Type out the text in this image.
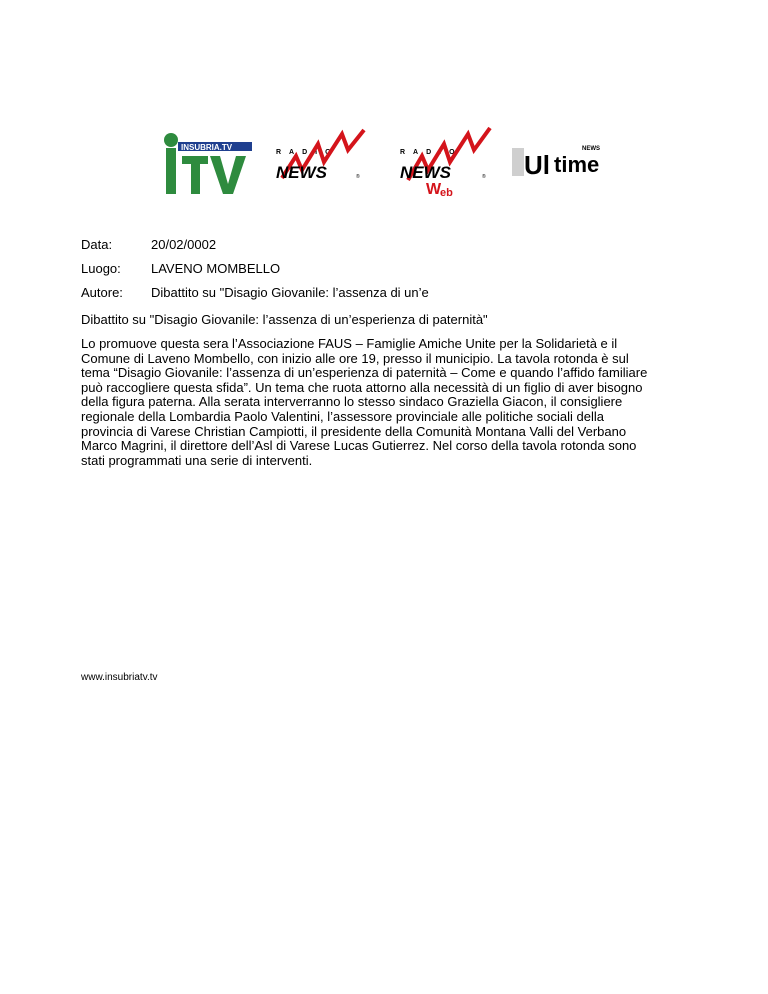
INSUBRIA.TV
RADIO
NEWS	®
RADIO
NEWS	®
eb
W
Ul time
NEWS
Data:	20/02/0002
Luogo: LAVENO MOMBELLO
Autore: Dibattito su "Disagio Giovanile: l’assenza di un’e
Dibattito su "Disagio Giovanile: l’assenza di un’esperienza di paternità"
Lo promuove questa sera l’Associazione FAUS – Famiglie Amiche Unite per la Solidarietà e il
Comune di Laveno Mombello, con inizio alle ore 19, presso il municipio. La tavola rotonda è sul
tema “Disagio Giovanile: l’assenza di un’esperienza di paternità – Come e quando l’affido familiare
può raccogliere questa sfida”. Un tema che ruota attorno alla necessità di un figlio di aver bisogno
della figura paterna. Alla serata interverranno lo stesso sindaco Graziella Giacon, il consigliere
regionale della Lombardia Paolo Valentini, l’assessore provinciale alle politiche sociali della
provincia di Varese Christian Campiotti, il presidente della Comunità Montana Valli del Verbano
Marco Magrini, il direttore dell’Asl di Varese Lucas Gutierrez. Nel corso della tavola rotonda sono
stati programmati una serie di interventi.
www.insubriatv.tv
